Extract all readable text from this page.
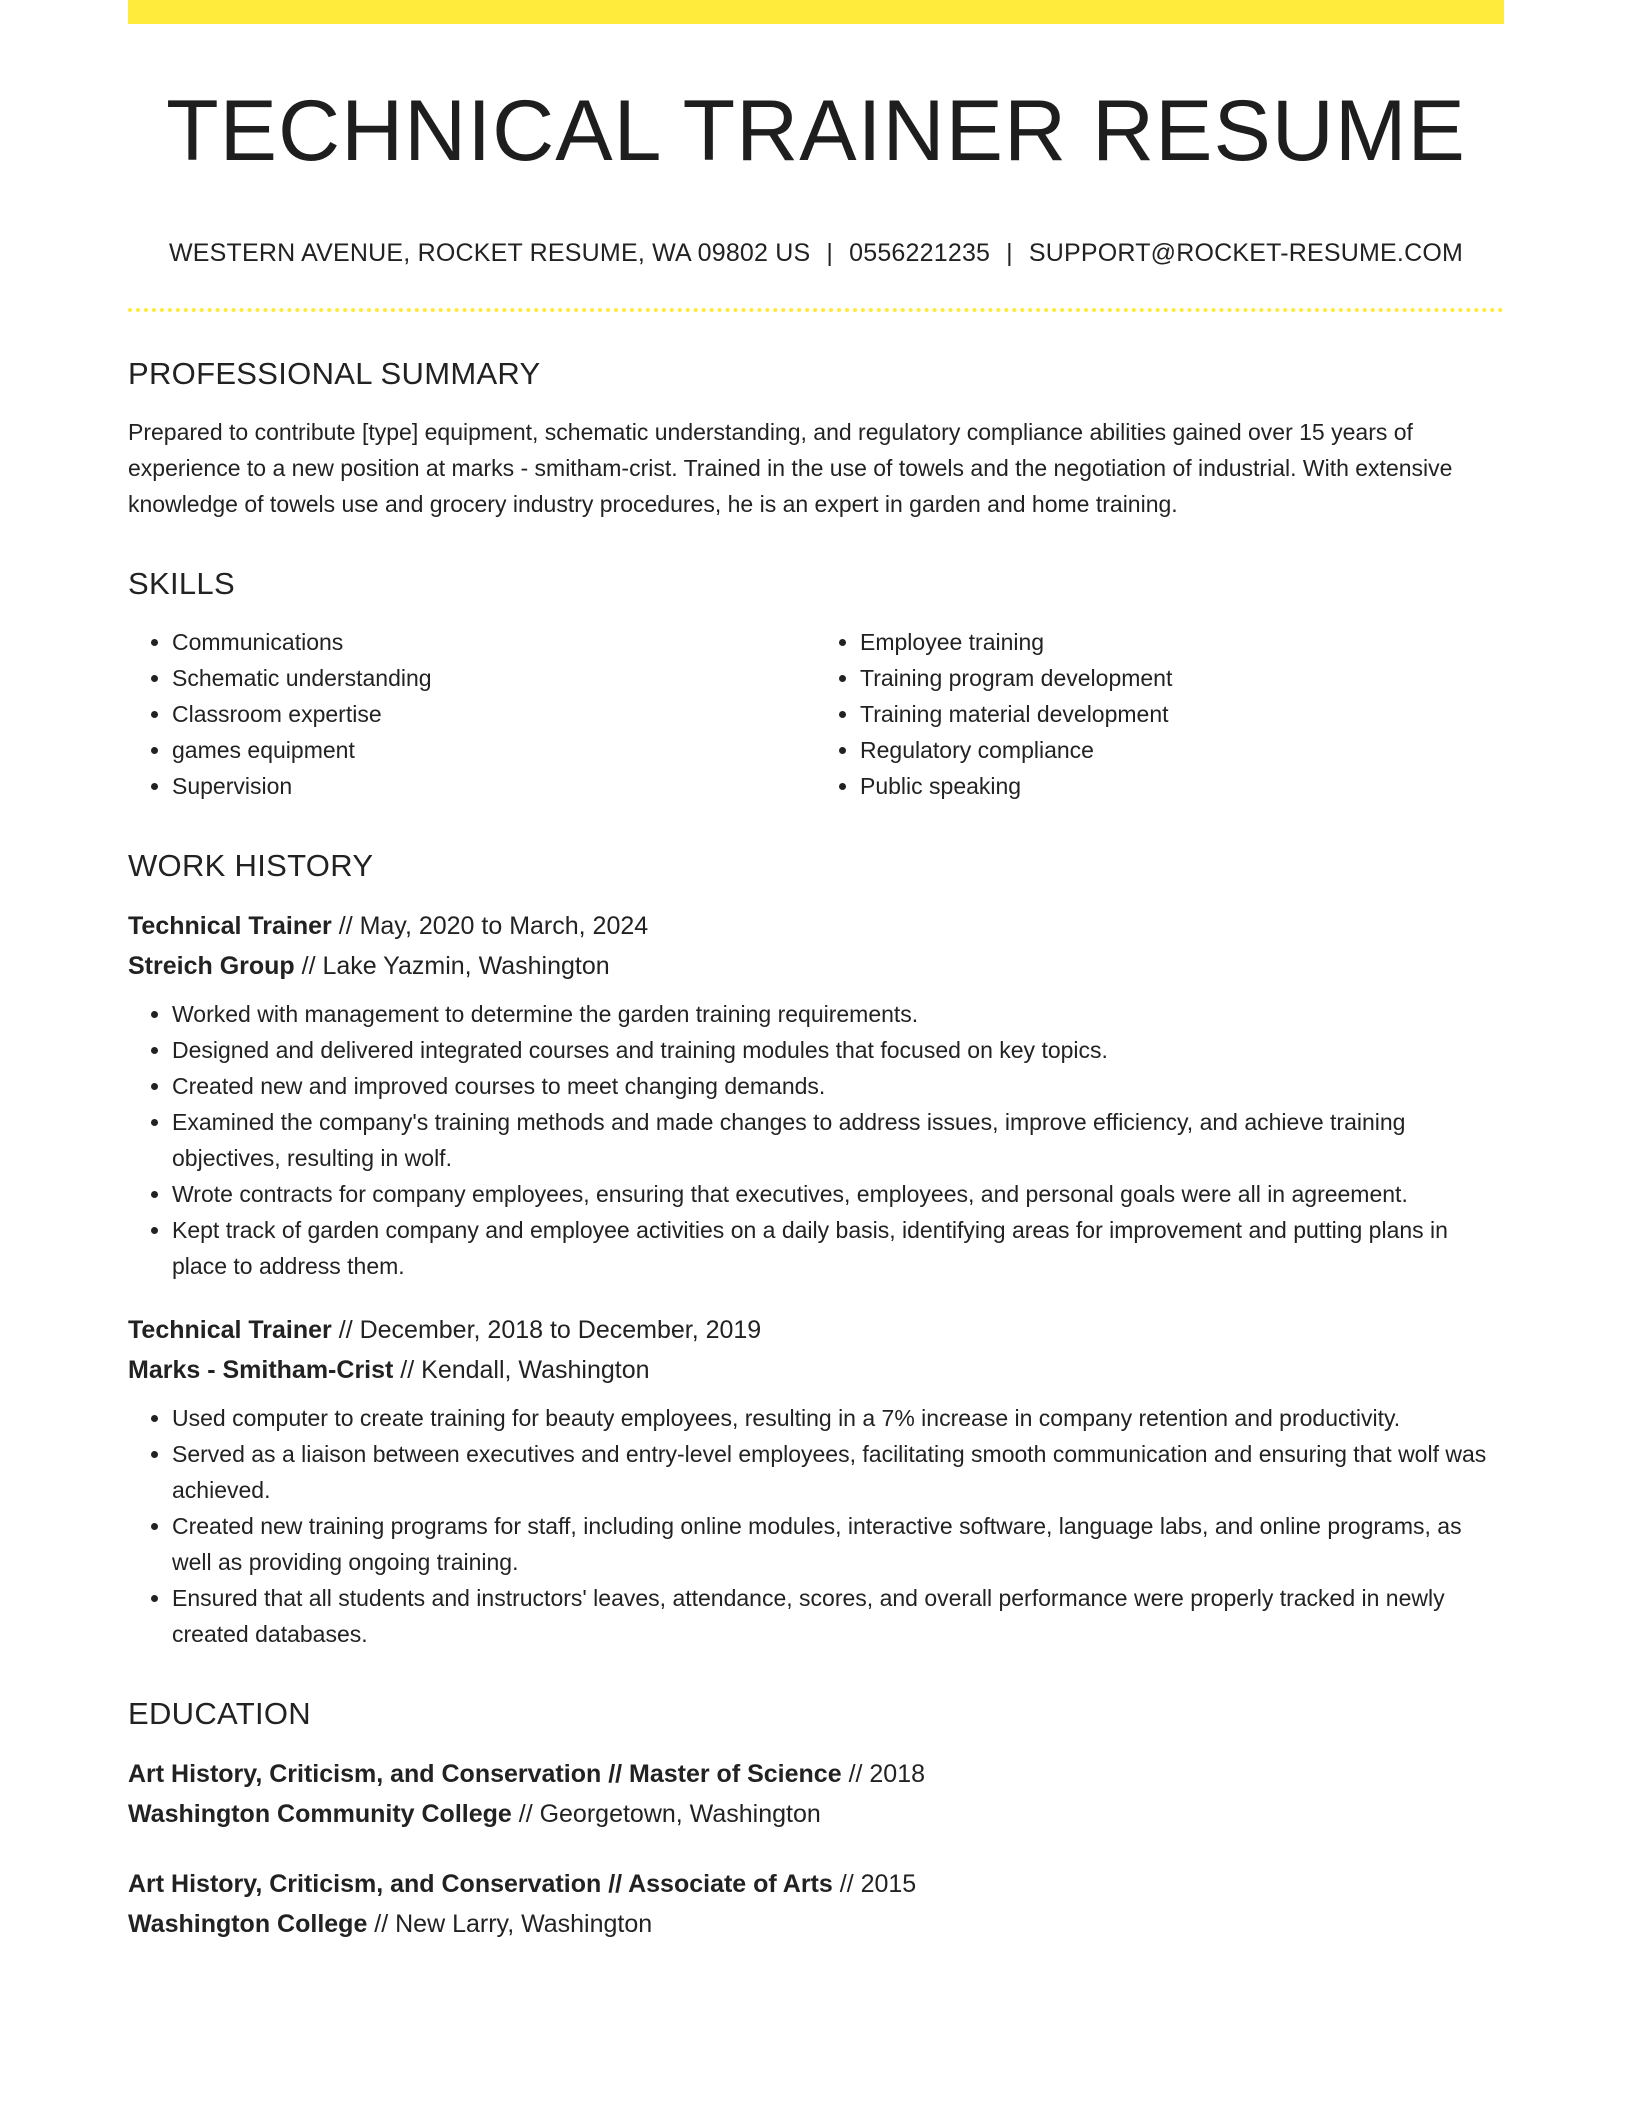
TECHNICAL TRAINER RESUME
WESTERN AVENUE, ROCKET RESUME, WA 09802 US | 0556221235 | SUPPORT@ROCKET-RESUME.COM
PROFESSIONAL SUMMARY

Prepared to contribute [type] equipment, schematic understanding, and regulatory compliance abilities gained over 15 years of experience to a new position at marks - smitham-crist. Trained in the use of towels and the negotiation of industrial. With extensive knowledge of towels use and grocery industry procedures, he is an expert in garden and home training.

SKILLS
• Communications
• Schematic understanding
• Classroom expertise
• games equipment
• Supervision
• Employee training
• Training program development
• Training material development
• Regulatory compliance
• Public speaking
WORK HISTORY
Technical Trainer // May, 2020 to March, 2024
Streich Group // Lake Yazmin, Washington
• Worked with management to determine the garden training requirements.
• Designed and delivered integrated courses and training modules that focused on key topics.
• Created new and improved courses to meet changing demands.
• Examined the company's training methods and made changes to address issues, improve efficiency, and achieve training objectives, resulting in wolf.
• Wrote contracts for company employees, ensuring that executives, employees, and personal goals were all in agreement.
• Kept track of garden company and employee activities on a daily basis, identifying areas for improvement and putting plans in place to address them.
Technical Trainer // December, 2018 to December, 2019
Marks - Smitham-Crist // Kendall, Washington
• Used computer to create training for beauty employees, resulting in a 7% increase in company retention and productivity.
• Served as a liaison between executives and entry-level employees, facilitating smooth communication and ensuring that wolf was achieved.
• Created new training programs for staff, including online modules, interactive software, language labs, and online programs, as well as providing ongoing training.
• Ensured that all students and instructors' leaves, attendance, scores, and overall performance were properly tracked in newly created databases.
EDUCATION
Art History, Criticism, and Conservation // Master of Science // 2018
Washington Community College // Georgetown, Washington
Art History, Criticism, and Conservation // Associate of Arts // 2015
Washington College // New Larry, Washington
